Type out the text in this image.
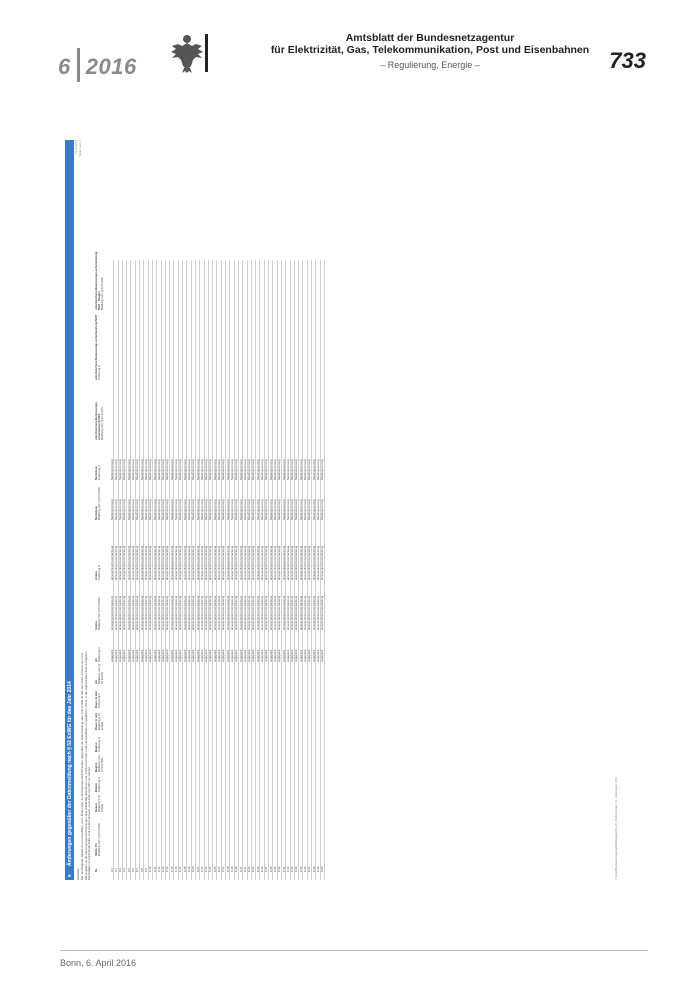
6 2016
Amtsblatt der Bundesnetzagentur
für Elektrizität, Gas, Telekommunikation, Post und Eisenbahnen
– Regulierung, Energie –	733
9
Änderungen gegenüber der Datenmeldung nach § 52 EnWG für das Jahr 2014
Hinweise: Die nachfolgende Tabelle ist nur auszufüllen, wenn Änderungen zu Versorgungsunterbrechungen gegenüber der Datenmeldung nach § 52 EnWG für das Jahr 2014 vorzunehmen sind. Alle Angaben zu den Versorgungsunterbrechungen sind vollständig aufzuführen und, entsprechend der in den Auswahllisten vorgegebenen Werte, in der zugeordneten Zeile anzugeben. Nachträglich zu ergänzende Zeilen sind mit dem Vermerk „neue Zeile“ kenntlich zu machen. Nr.
lfd.Nr. VU Meldung nach § 52 EnWG
Datum Meldung § 52 EnWG
Datum Änderung in
Beginn Meldung nach § 52 EnWG
Beginn Änderung in
Dauer in min Meldung § 52 EnWG
Dauer in min Änderung in
Art Meldung nach § 52 EnWG
Art Änderung in
Anlass Meldung nach § 52 EnWG
Anlass Änderung in
Netzebene Meldung nach § 52 EnWG
Netzebene Änderung in
unterbrochene Bemessungs-scheinleistung NS/T Meldung nach § 52 EnWG
unterbrochene Bemessungs-scheinleistung NS/T Änderung in
unterbrochene Bemessungs-scheinleistung NS/T - Zeugen Meldung nach § 52 EnWG
9.1
ungeplant
atmosphärische Einwirkung
atmosphärische Einwirkung
Niederspannung
Niederspannung
9.2
ungeplant
atmosphärische Einwirkung
atmosphärische Einwirkung
Niederspannung
Niederspannung
9.3
ungeplant
atmosphärische Einwirkung
atmosphärische Einwirkung
Niederspannung
Niederspannung
9.4
ungeplant
atmosphärische Einwirkung
atmosphärische Einwirkung
Niederspannung
Niederspannung
9.5
ungeplant
atmosphärische Einwirkung
atmosphärische Einwirkung
Niederspannung
Niederspannung
9.6
ungeplant
atmosphärische Einwirkung
atmosphärische Einwirkung
Niederspannung
Niederspannung
9.7
ungeplant
atmosphärische Einwirkung
atmosphärische Einwirkung
Niederspannung
Niederspannung
9.8
ungeplant
atmosphärische Einwirkung
atmosphärische Einwirkung
Niederspannung
Niederspannung
9.9
ungeplant
atmosphärische Einwirkung
atmosphärische Einwirkung
Niederspannung
Niederspannung
9.10
ungeplant
atmosphärische Einwirkung
atmosphärische Einwirkung
Niederspannung
Niederspannung
9.11
ungeplant
atmosphärische Einwirkung
atmosphärische Einwirkung
Niederspannung
Niederspannung
9.12
ungeplant
atmosphärische Einwirkung
atmosphärische Einwirkung
Niederspannung
Niederspannung
9.13
ungeplant
atmosphärische Einwirkung
atmosphärische Einwirkung
Niederspannung
Niederspannung
9.14
ungeplant
atmosphärische Einwirkung
atmosphärische Einwirkung
Niederspannung
Niederspannung
9.15
ungeplant
atmosphärische Einwirkung
atmosphärische Einwirkung
Niederspannung
Niederspannung
9.16
ungeplant
atmosphärische Einwirkung
atmosphärische Einwirkung
Niederspannung
Niederspannung
9.17
ungeplant
atmosphärische Einwirkung
atmosphärische Einwirkung
Niederspannung
Niederspannung
9.18
ungeplant
atmosphärische Einwirkung
atmosphärische Einwirkung
Niederspannung
Niederspannung
9.19
ungeplant
atmosphärische Einwirkung
atmosphärische Einwirkung
Niederspannung
Niederspannung
9.20
ungeplant
atmosphärische Einwirkung
atmosphärische Einwirkung
Niederspannung
Niederspannung
9.21
ungeplant
atmosphärische Einwirkung
atmosphärische Einwirkung
Niederspannung
Niederspannung
9.22
ungeplant
atmosphärische Einwirkung
atmosphärische Einwirkung
Niederspannung
Niederspannung
9.23
ungeplant
atmosphärische Einwirkung
atmosphärische Einwirkung
Niederspannung
Niederspannung
9.24
ungeplant
atmosphärische Einwirkung
atmosphärische Einwirkung
Niederspannung
Niederspannung
9.25
ungeplant
atmosphärische Einwirkung
atmosphärische Einwirkung
Niederspannung
Niederspannung
9.26
ungeplant
atmosphärische Einwirkung
atmosphärische Einwirkung
Niederspannung
Niederspannung
9.27
ungeplant
atmosphärische Einwirkung
atmosphärische Einwirkung
Niederspannung
Niederspannung
9.28
ungeplant
atmosphärische Einwirkung
atmosphärische Einwirkung
Niederspannung
Niederspannung
9.29
ungeplant
atmosphärische Einwirkung
atmosphärische Einwirkung
Niederspannung
Niederspannung
9.30
ungeplant
atmosphärische Einwirkung
atmosphärische Einwirkung
Niederspannung
Niederspannung
9.31
ungeplant
atmosphärische Einwirkung
atmosphärische Einwirkung
Niederspannung
Niederspannung
9.32
ungeplant
atmosphärische Einwirkung
atmosphärische Einwirkung
Niederspannung
Niederspannung
9.33
ungeplant
atmosphärische Einwirkung
atmosphärische Einwirkung
Niederspannung
Niederspannung
9.34
ungeplant
atmosphärische Einwirkung
atmosphärische Einwirkung
Niederspannung
Niederspannung
9.35
ungeplant
atmosphärische Einwirkung
atmosphärische Einwirkung
Niederspannung
Niederspannung
9.36
ungeplant
atmosphärische Einwirkung
atmosphärische Einwirkung
Niederspannung
Niederspannung
9.37
ungeplant
atmosphärische Einwirkung
atmosphärische Einwirkung
Niederspannung
Niederspannung
9.38
ungeplant
atmosphärische Einwirkung
atmosphärische Einwirkung
Niederspannung
Niederspannung
9.39
ungeplant
atmosphärische Einwirkung
atmosphärische Einwirkung
Niederspannung
Niederspannung
9.40
ungeplant
atmosphärische Einwirkung
atmosphärische Einwirkung
Niederspannung
Niederspannung
9.41
ungeplant
atmosphärische Einwirkung
atmosphärische Einwirkung
Niederspannung
Niederspannung
9.42
ungeplant
atmosphärische Einwirkung
atmosphärische Einwirkung
Niederspannung
Niederspannung
9.43
ungeplant
atmosphärische Einwirkung
atmosphärische Einwirkung
Niederspannung
Niederspannung
9.44
ungeplant
atmosphärische Einwirkung
atmosphärische Einwirkung
Niederspannung
Niederspannung
9.45
ungeplant
atmosphärische Einwirkung
atmosphärische Einwirkung
Niederspannung
Niederspannung
9.46
ungeplant
atmosphärische Einwirkung
atmosphärische Einwirkung
Niederspannung
Niederspannung
9.47
ungeplant
atmosphärische Einwirkung
atmosphärische Einwirkung
Niederspannung
Niederspannung
9.48
ungeplant
atmosphärische Einwirkung
atmosphärische Einwirkung
Niederspannung
Niederspannung
9.49
ungeplant
atmosphärische Einwirkung
atmosphärische Einwirkung
Niederspannung
Niederspannung
9.50
ungeplant
atmosphärische Einwirkung
atmosphärische Einwirkung
Niederspannung
Niederspannung
14.03.2016 Seite 1 von 1
C:\temp\Bundesnetzagentur\Erhebung\EnWG_52_2014\Formular_1.1_Änderungen_2014
Bonn, 6. April 2016
